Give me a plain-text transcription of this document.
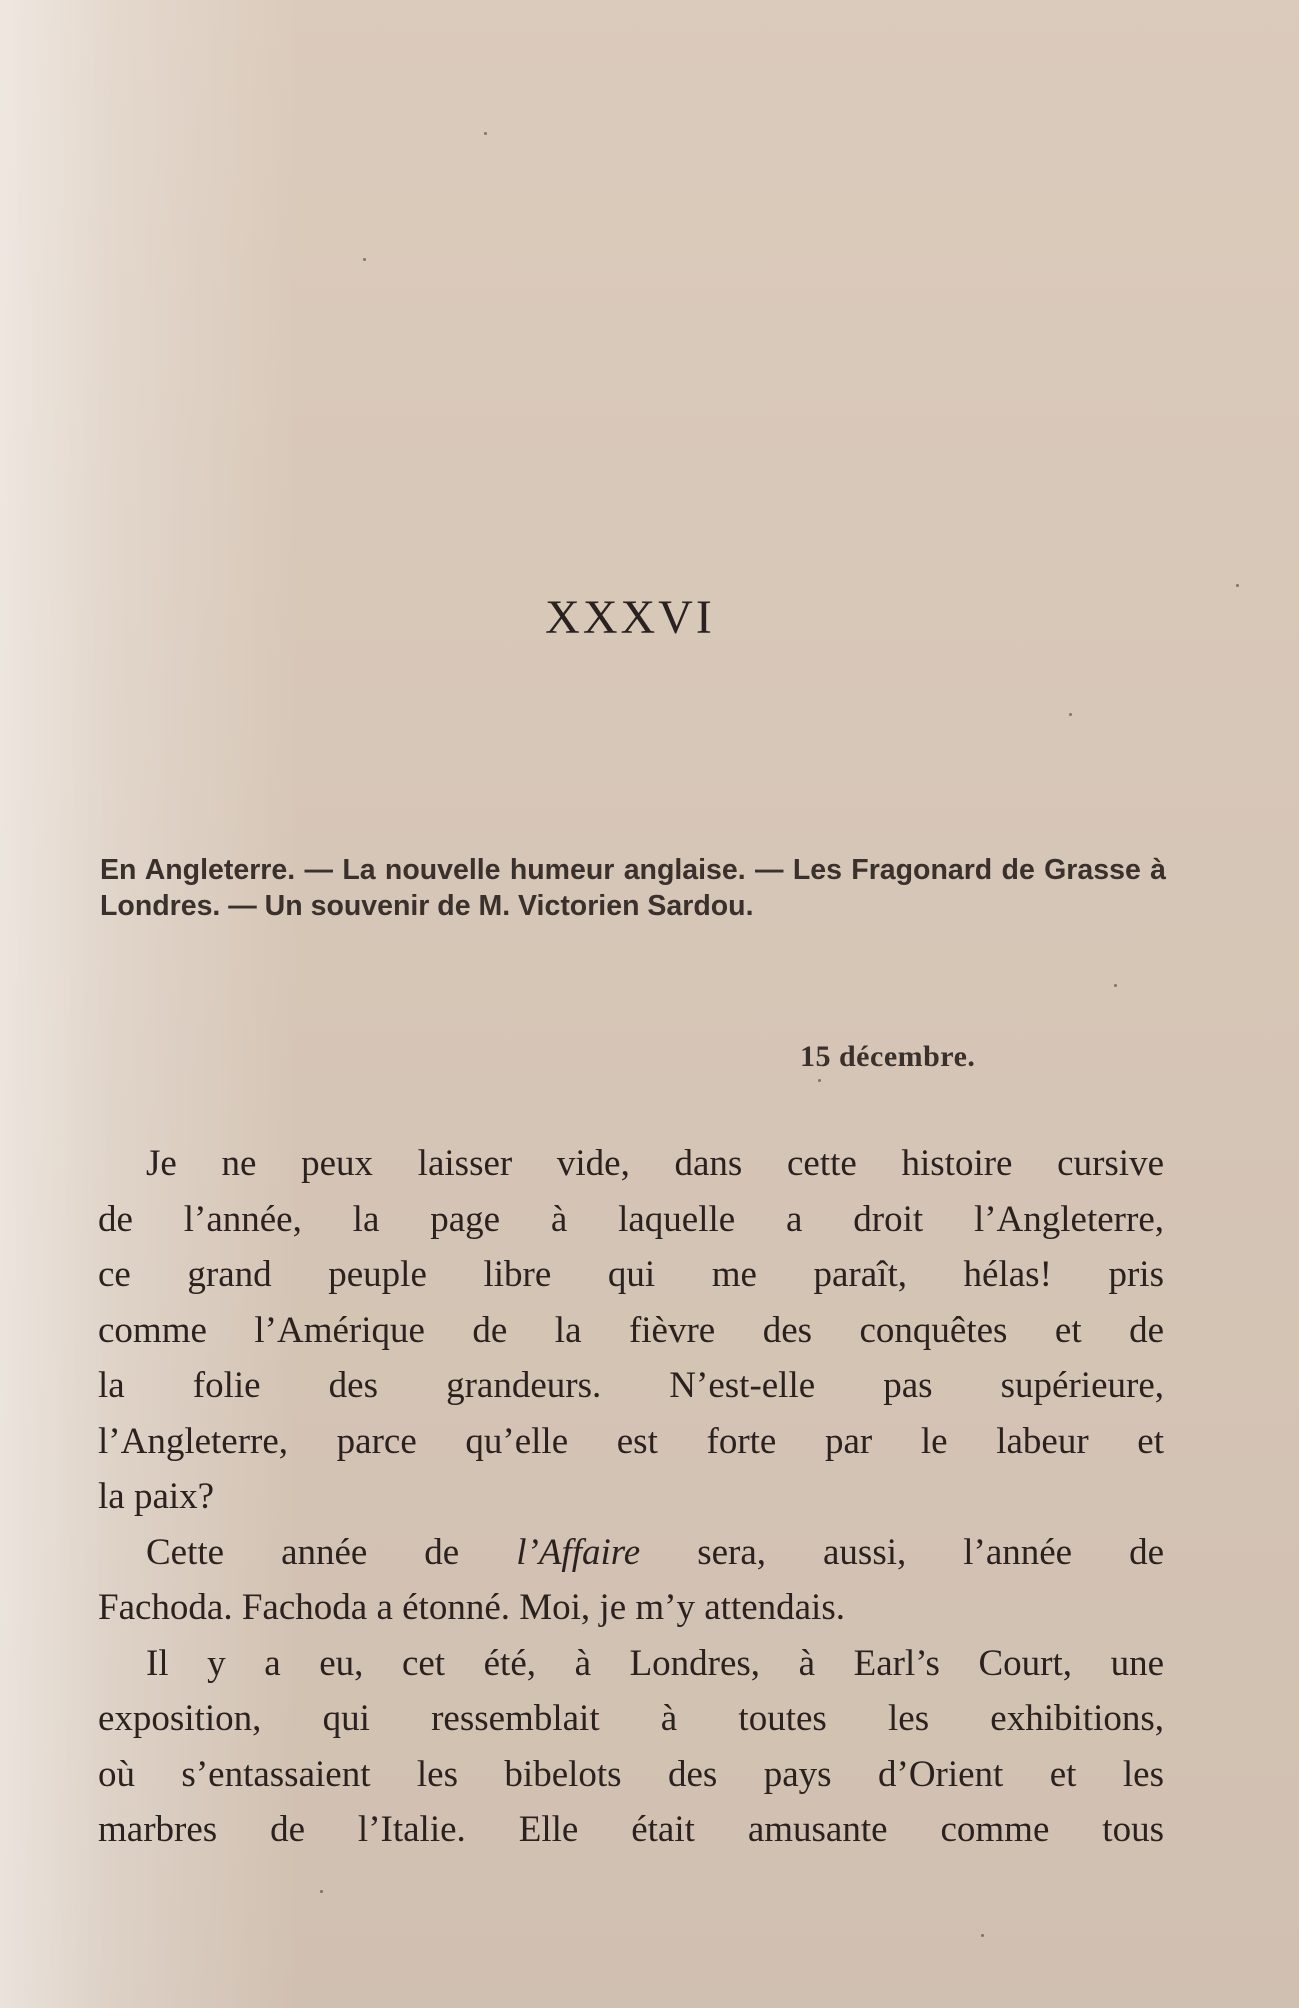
XXXVI

En Angleterre. — La nouvelle humeur anglaise. — Les Fragonard de Grasse à Londres. — Un souvenir de M. Victorien Sardou.

15 décembre.
Je ne peux laisser vide, dans cette histoire cursive
de l’année, la page à laquelle a droit l’Angleterre,
ce grand peuple libre qui me paraît, hélas! pris
comme l’Amérique de la fièvre des conquêtes et de
la folie des grandeurs. N’est-elle pas supérieure,
l’Angleterre, parce qu’elle est forte par le labeur et
la paix?
Cette année de l’Affaire sera, aussi, l’année de
Fachoda. Fachoda a étonné. Moi, je m’y attendais.
Il y a eu, cet été, à Londres, à Earl’s Court, une
exposition, qui ressemblait à toutes les exhibitions,
où s’entassaient les bibelots des pays d’Orient et les
marbres de l’Italie. Elle était amusante comme tous
